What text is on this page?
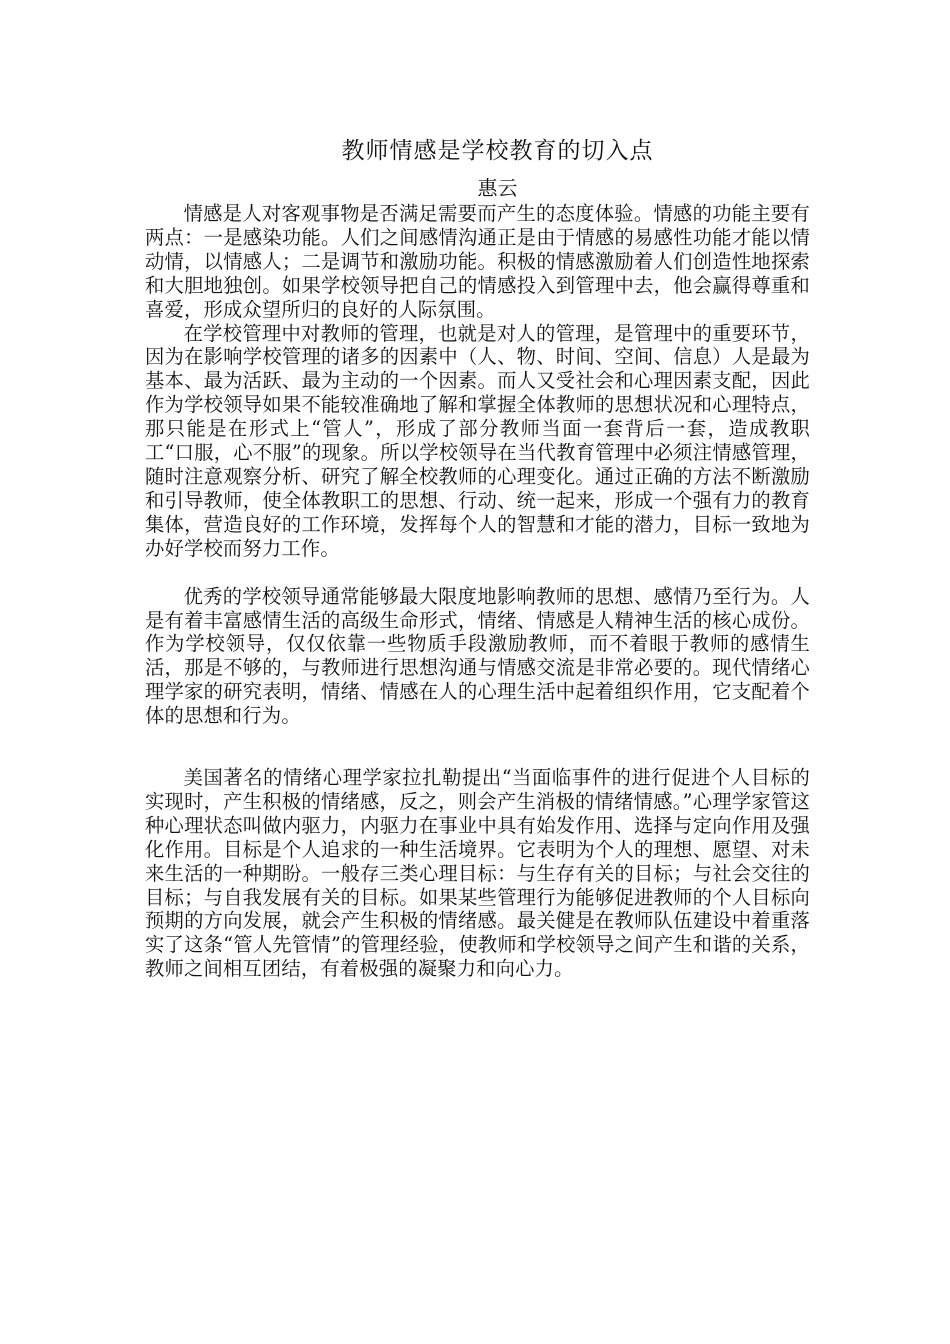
教师情感是学校教育的切入点

惠云

情感是人对客观事物是否满足需要而产生的态度体验。情感的功能主要有两点：一是感染功能。人们之间感情沟通正是由于情感的易感性功能才能以情动情，以情感人；二是调节和激励功能。积极的情感激励着人们创造性地探索和大胆地独创。如果学校领导把自己的情感投入到管理中去，他会赢得尊重和喜爱，形成众望所归的良好的人际氛围。

在学校管理中对教师的管理，也就是对人的管理，是管理中的重要环节，因为在影响学校管理的诸多的因素中（人、物、时间、空间、信息）人是最为基本、最为活跃、最为主动的一个因素。而人又受社会和心理因素支配，因此作为学校领导如果不能较准确地了解和掌握全体教师的思想状况和心理特点，那只能是在形式上“管人”，形成了部分教师当面一套背后一套，造成教职工“口服，心不服”的现象。所以学校领导在当代教育管理中必须注情感管理，随时注意观察分析、研究了解全校教师的心理变化。通过正确的方法不断激励和引导教师，使全体教职工的思想、行动、统一起来，形成一个强有力的教育集体，营造良好的工作环境，发挥每个人的智慧和才能的潜力，目标一致地为办好学校而努力工作。

优秀的学校领导通常能够最大限度地影响教师的思想、感情乃至行为。人是有着丰富感情生活的高级生命形式，情绪、情感是人精神生活的核心成份。作为学校领导，仅仅依靠一些物质手段激励教师，而不着眼于教师的感情生活，那是不够的，与教师进行思想沟通与情感交流是非常必要的。现代情绪心理学家的研究表明，情绪、情感在人的心理生活中起着组织作用，它支配着个体的思想和行为。

美国著名的情绪心理学家拉扎勒提出“当面临事件的进行促进个人目标的实现时，产生积极的情绪感，反之，则会产生消极的情绪情感。”心理学家管这种心理状态叫做内驱力，内驱力在事业中具有始发作用、选择与定向作用及强化作用。目标是个人追求的一种生活境界。它表明为个人的理想、愿望、对未来生活的一种期盼。一般存三类心理目标：与生存有关的目标；与社会交往的目标；与自我发展有关的目标。如果某些管理行为能够促进教师的个人目标向预期的方向发展，就会产生积极的情绪感。最关健是在教师队伍建设中着重落实了这条“管人先管情”的管理经验，使教师和学校领导之间产生和谐的关系，教师之间相互团结，有着极强的凝聚力和向心力。
